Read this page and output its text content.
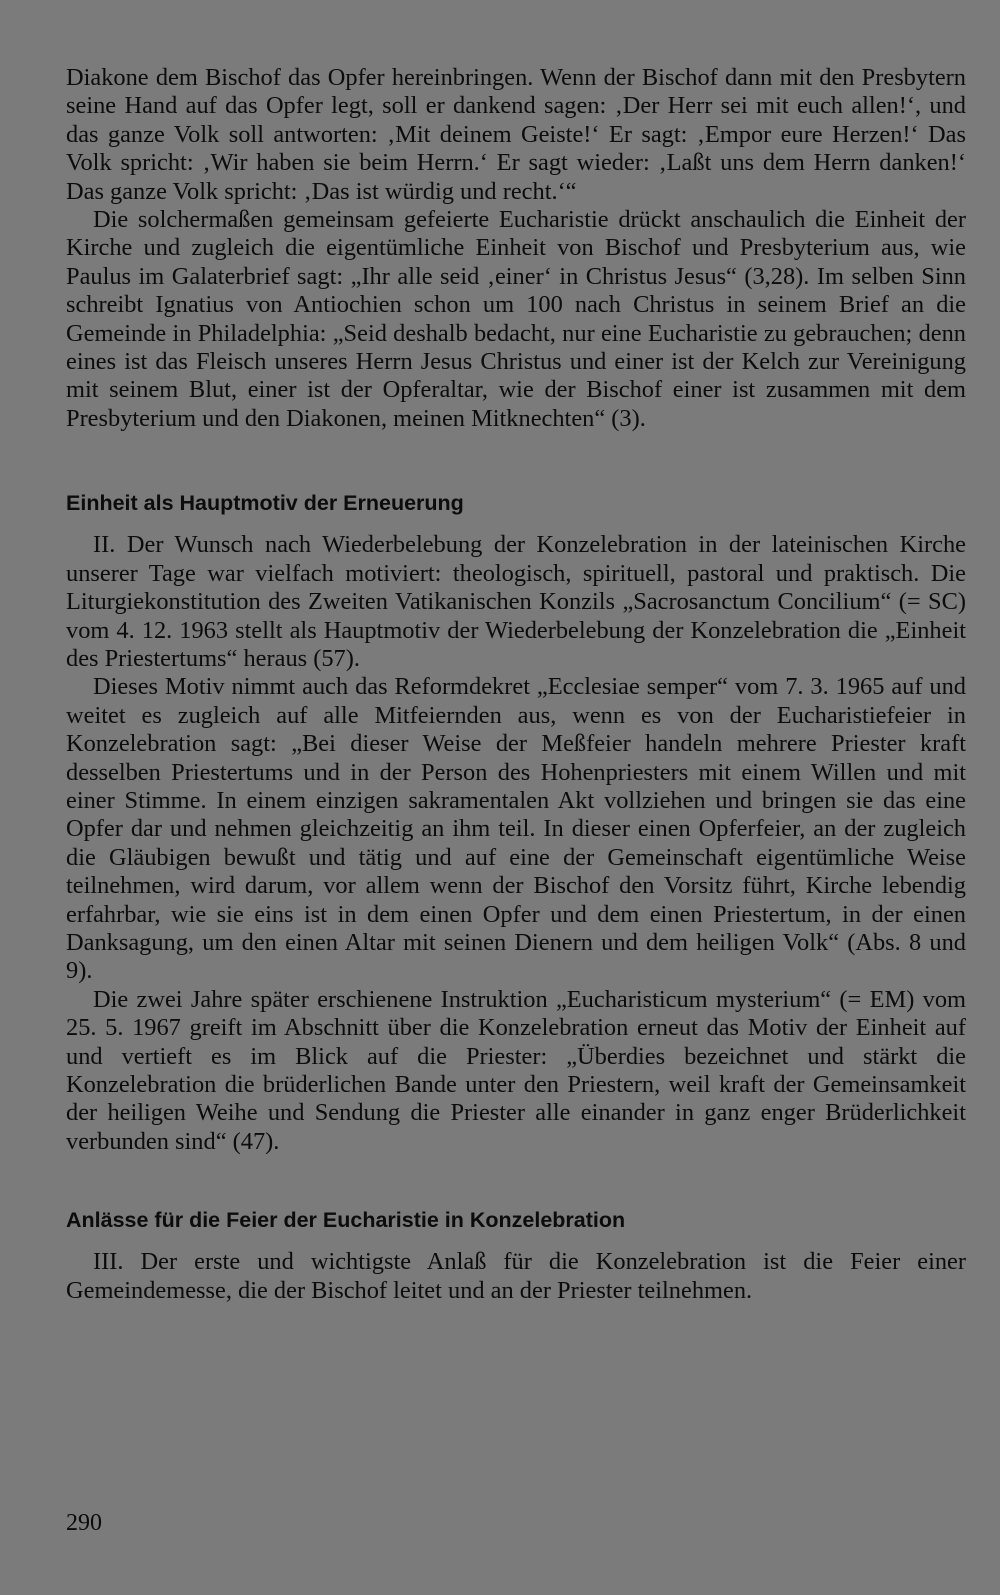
Diakone dem Bischof das Opfer hereinbringen. Wenn der Bischof dann mit den Presbytern seine Hand auf das Opfer legt, soll er dankend sagen: ‚Der Herr sei mit euch allen!‘, und das ganze Volk soll antworten: ‚Mit deinem Geiste!‘ Er sagt: ‚Empor eure Herzen!‘ Das Volk spricht: ‚Wir haben sie beim Herrn.‘ Er sagt wieder: ‚Laßt uns dem Herrn danken!‘ Das ganze Volk spricht: ‚Das ist würdig und recht.‘“

Die solchermaßen gemeinsam gefeierte Eucharistie drückt anschaulich die Einheit der Kirche und zugleich die eigentümliche Einheit von Bischof und Presbyterium aus, wie Paulus im Galaterbrief sagt: „Ihr alle seid ‚einer‘ in Christus Jesus“ (3,28). Im selben Sinn schreibt Ignatius von Antiochien schon um 100 nach Christus in seinem Brief an die Gemeinde in Philadelphia: „Seid deshalb bedacht, nur eine Eucharistie zu gebrauchen; denn eines ist das Fleisch unseres Herrn Jesus Christus und einer ist der Kelch zur Vereinigung mit seinem Blut, einer ist der Opferaltar, wie der Bischof einer ist zusammen mit dem Presbyterium und den Diakonen, meinen Mitknechten“ (3).

Einheit als Hauptmotiv der Erneuerung

II. Der Wunsch nach Wiederbelebung der Konzelebration in der lateinischen Kirche unserer Tage war vielfach motiviert: theologisch, spirituell, pastoral und praktisch. Die Liturgiekonstitution des Zweiten Vatikanischen Konzils „Sacrosanctum Concilium“ (= SC) vom 4. 12. 1963 stellt als Hauptmotiv der Wiederbelebung der Konzelebration die „Einheit des Priestertums“ heraus (57).

Dieses Motiv nimmt auch das Reformdekret „Ecclesiae semper“ vom 7. 3. 1965 auf und weitet es zugleich auf alle Mitfeiernden aus, wenn es von der Eucharistiefeier in Konzelebration sagt: „Bei dieser Weise der Meßfeier handeln mehrere Priester kraft desselben Priestertums und in der Person des Hohenpriesters mit einem Willen und mit einer Stimme. In einem einzigen sakramentalen Akt vollziehen und bringen sie das eine Opfer dar und nehmen gleichzeitig an ihm teil. In dieser einen Opferfeier, an der zugleich die Gläubigen bewußt und tätig und auf eine der Gemeinschaft eigentümliche Weise teilnehmen, wird darum, vor allem wenn der Bischof den Vorsitz führt, Kirche lebendig erfahrbar, wie sie eins ist in dem einen Opfer und dem einen Priestertum, in der einen Danksagung, um den einen Altar mit seinen Dienern und dem heiligen Volk“ (Abs. 8 und 9).

Die zwei Jahre später erschienene Instruktion „Eucharisticum mysterium“ (= EM) vom 25. 5. 1967 greift im Abschnitt über die Konzelebration erneut das Motiv der Einheit auf und vertieft es im Blick auf die Priester: „Überdies bezeichnet und stärkt die Konzelebration die brüderlichen Bande unter den Priestern, weil kraft der Gemeinsamkeit der heiligen Weihe und Sendung die Priester alle einander in ganz enger Brüderlichkeit verbunden sind“ (47).

Anlässe für die Feier der Eucharistie in Konzelebration

III. Der erste und wichtigste Anlaß für die Konzelebration ist die Feier einer Gemeindemesse, die der Bischof leitet und an der Priester teilnehmen.

290
